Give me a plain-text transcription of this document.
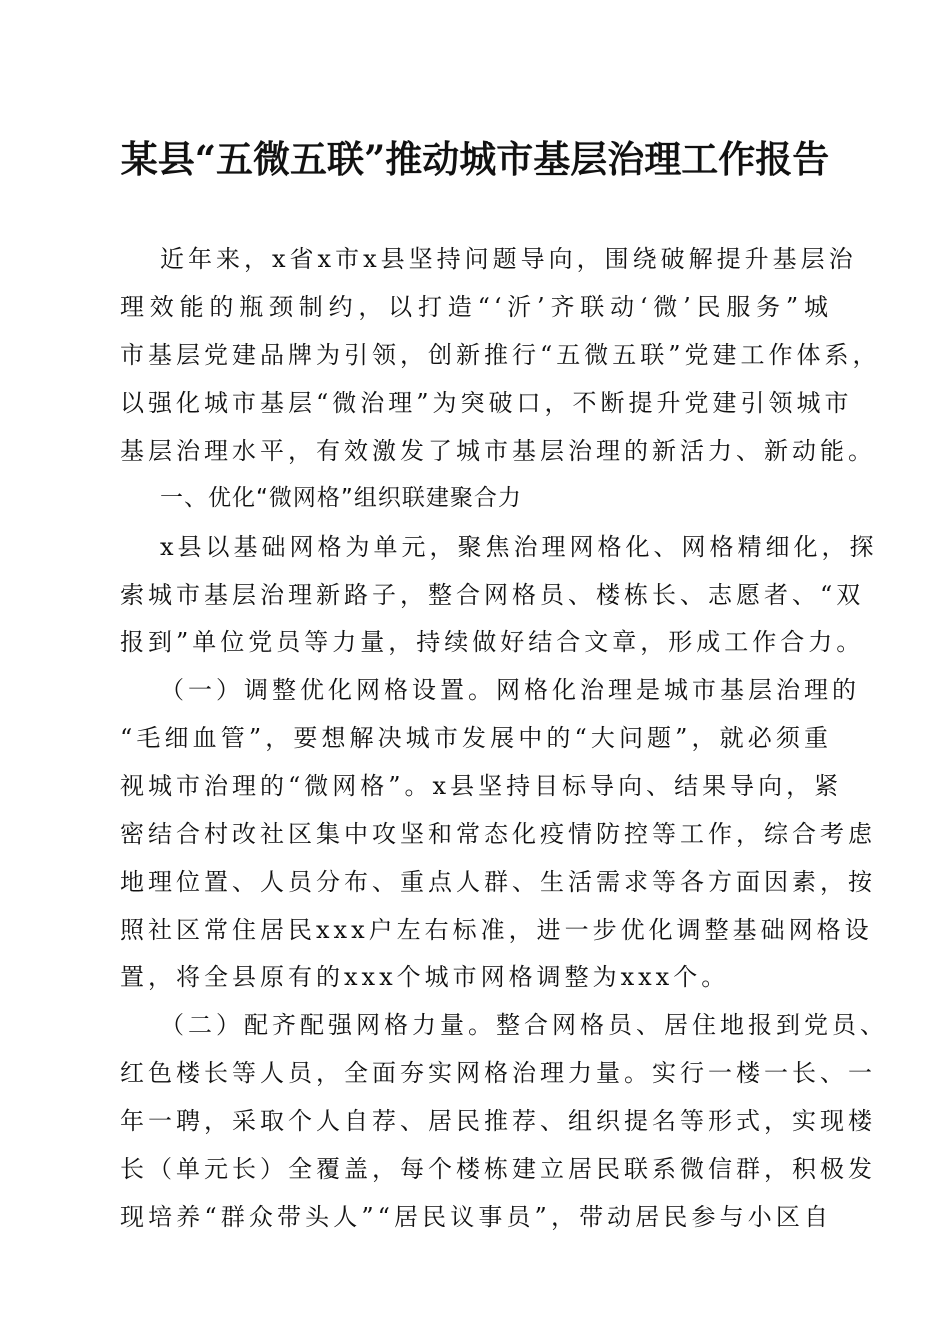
某县“五微五联”推动城市基层治理工作报告
近年来，x省x市x县坚持问题导向，围绕破解提升基层治
理效能的瓶颈制约，以打造“‘沂’齐联动‘微’民服务”城
市基层党建品牌为引领，创新推行“五微五联”党建工作体系，
以强化城市基层“微治理”为突破口，不断提升党建引领城市
基层治理水平，有效激发了城市基层治理的新活力、新动能。
一、优化“微网格”组织联建聚合力
x县以基础网格为单元，聚焦治理网格化、网格精细化，探
索城市基层治理新路子，整合网格员、楼栋长、志愿者、“双
报到”单位党员等力量，持续做好结合文章，形成工作合力。
（一）调整优化网格设置。网格化治理是城市基层治理的
“毛细血管”，要想解决城市发展中的“大问题”，就必须重
视城市治理的“微网格”。x县坚持目标导向、结果导向，紧
密结合村改社区集中攻坚和常态化疫情防控等工作，综合考虑
地理位置、人员分布、重点人群、生活需求等各方面因素，按
照社区常住居民xxx户左右标准，进一步优化调整基础网格设
置，将全县原有的xxx个城市网格调整为xxx个。
（二）配齐配强网格力量。整合网格员、居住地报到党员、
红色楼长等人员，全面夯实网格治理力量。实行一楼一长、一
年一聘，采取个人自荐、居民推荐、组织提名等形式，实现楼
长（单元长）全覆盖，每个楼栋建立居民联系微信群，积极发
现培养“群众带头人”“居民议事员”，带动居民参与小区自
